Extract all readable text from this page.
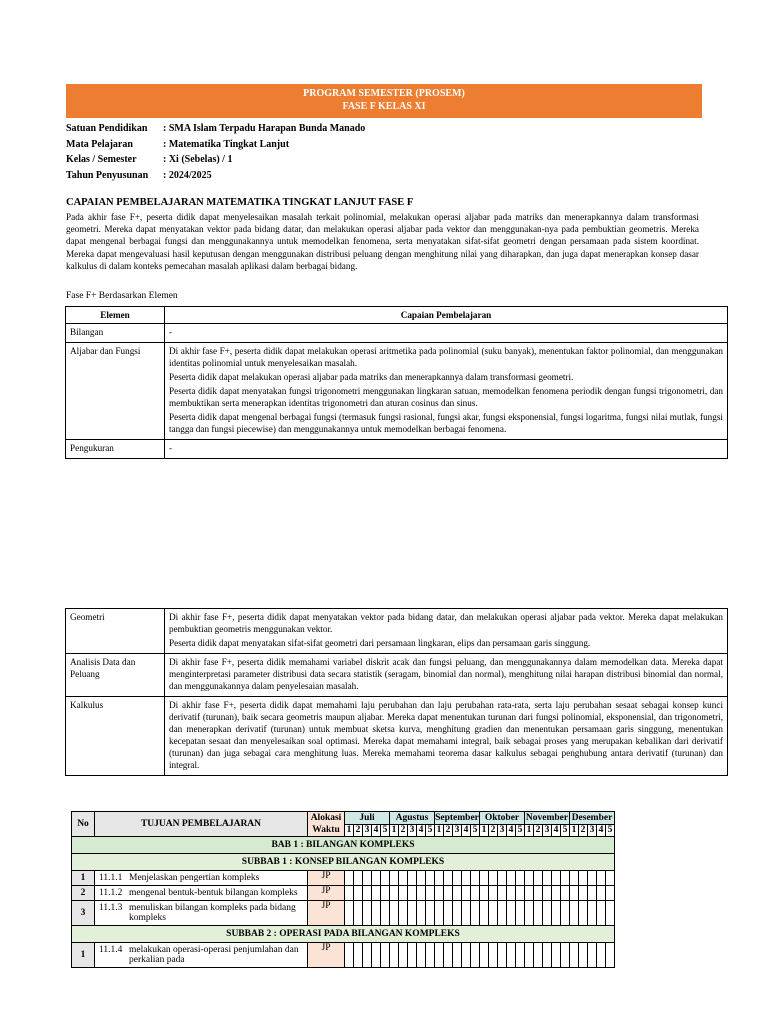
PROGRAM SEMESTER (PROSEM)
FASE F KELAS XI
Satuan Pendidikan	: SMA Islam Terpadu Harapan Bunda Manado
Mata Pelajaran	: Matematika Tingkat Lanjut
Kelas / Semester	: Xi (Sebelas) / 1
Tahun Penyusunan	: 2024/2025
CAPAIAN PEMBELAJARAN MATEMATIKA TINGKAT LANJUT FASE F
Pada akhir fase F+, peserta didik dapat menyelesaikan masalah terkait polinomial, melakukan operasi aljabar pada matriks dan menerapkannya dalam transformasi geometri. Mereka dapat menyatakan vektor pada bidang datar, dan melakukan operasi aljabar pada vektor dan menggunakan-nya pada pembuktian geometris. Mereka dapat mengenal berbagai fungsi dan menggunakannya untuk memodelkan fenomena, serta menyatakan sifat-sifat geometri dengan persamaan pada sistem koordinat. Mereka dapat mengevaluasi hasil keputusan dengan menggunakan distribusi peluang dengan menghitung nilai yang diharapkan, dan juga dapat menerapkan konsep dasar kalkulus di dalam konteks pemecahan masalah aplikasi dalam berbagai bidang.
Fase F+ Berdasarkan Elemen
Elemen	Capaian Pembelajaran
Bilangan	-

Aljabar dan Fungsi	Di akhir fase F+, peserta didik dapat melakukan operasi aritmetika pada polinomial (suku banyak), menentukan faktor polinomial, dan menggunakan identitas polinomial untuk menyelesaikan masalah.

Peserta didik dapat melakukan operasi aljabar pada matriks dan menerapkannya dalam transformasi geometri.

Peserta didik dapat menyatakan fungsi trigonometri menggunakan lingkaran satuan, memodelkan fenomena periodik dengan fungsi trigonometri, dan membuktikan serta menerapkan identitas trigonometri dan aturan cosinus dan sinus.

Peserta didik dapat mengenal berbagai fungsi (termasuk fungsi rasional, fungsi akar, fungsi eksponensial, fungsi logaritma, fungsi nilai mutlak, fungsi tangga dan fungsi piecewise) dan menggunakannya untuk memodelkan berbagai fenomena.

Pengukuran	-

Geometri	Di akhir fase F+, peserta didik dapat menyatakan vektor pada bidang datar, dan melakukan operasi aljabar pada vektor. Mereka dapat melakukan pembuktian geometris menggunakan vektor.

Peserta didik dapat menyatakan sifat-sifat geometri dari persamaan lingkaran, elips dan persamaan garis singgung.

Analisis Data dan Peluang	Di akhir fase F+, peserta didik memahami variabel diskrit acak dan fungsi peluang, dan menggunakannya dalam memodelkan data. Mereka dapat menginterpretasi parameter distribusi data secara statistik (seragam, binomial dan normal), menghitung nilai harapan distribusi binomial dan normal, dan menggunakannya dalam penyelesaian masalah.

Kalkulus	Di akhir fase F+, peserta didik dapat memahami laju perubahan dan laju perubahan rata-rata, serta laju perubahan sesaat sebagai konsep kunci derivatif (turunan), baik secara geometris maupun aljabar. Mereka dapat menentukan turunan dari fungsi polinomial, eksponensial, dan trigonometri, dan menerapkan derivatif (turunan) untuk membuat sketsa kurva, menghitung gradien dan menentukan persamaan garis singgung, menentukan kecepatan sesaat dan menyelesaikan soal optimasi. Mereka dapat memahami integral, baik sebagai proses yang merupakan kebalikan dari derivatif (turunan) dan juga sebagai cara menghitung luas. Mereka memahami teorema dasar kalkulus sebagai penghubung antara derivatif (turunan) dan integral.

No	TUJUAN PEMBELAJARAN	Alokasi Waktu	Juli					Agustus					September					Oktober					November					Desember				
			1	2	3	4	5	1	2	3	4	5	1	2	3	4	5	1	2	3	4	5	1	2	3	4	5	1	2	3	4	5
BAB 1 : BILANGAN KOMPLEKS																																
SUBBAB 1 : KONSEP BILANGAN KOMPLEKS																																
1	11.1.1 Menjelaskan pengertian kompleks	JP																														
2	11.1.2 mengenal bentuk-bentuk bilangan kompleks	JP																														
3	11.1.3 menuliskan bilangan kompleks pada bidang kompleks	JP																														
SUBBAB 2 : OPERASI PADA BILANGAN KOMPLEKS																																
1	11.1.4 melakukan operasi-operasi penjumlahan dan perkalian pada	JP																														
